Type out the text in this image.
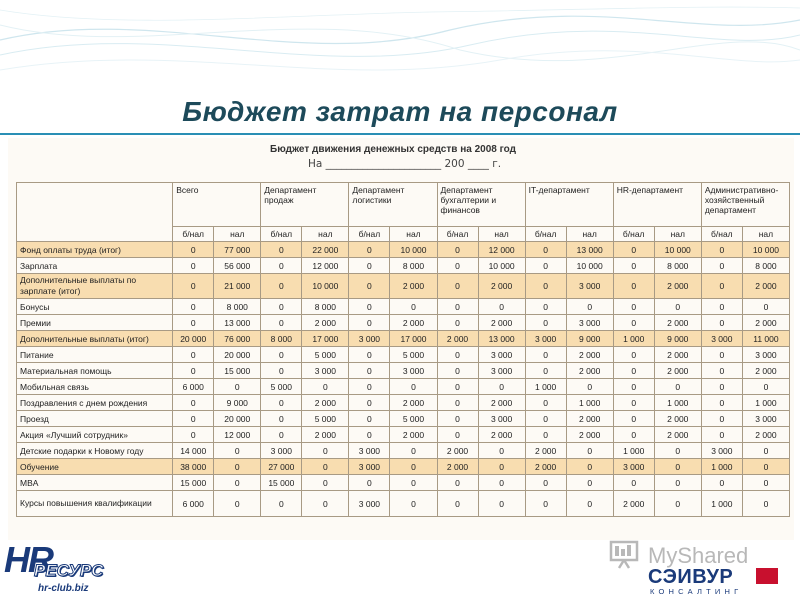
Бюджет затрат на персонал
Бюджет движения денежных средств на 2008 год
На ______________________ 200 ____ г.
	Всего		Департамент продаж		Департамент логистики		Департамент бухгалтерии и финансов		IT-департамент		HR-департамент		Административно-хозяйственный департамент	
	б/нал	нал	б/нал	нал	б/нал	нал	б/нал	нал	б/нал	нал	б/нал	нал	б/нал	нал
Фонд оплаты труда (итог)	0	77 000	0	22 000	0	10 000	0	12 000	0	13 000	0	10 000	0	10 000
Зарплата	0	56 000	0	12 000	0	8 000	0	10 000	0	10 000	0	8 000	0	8 000
Дополнительные выплаты по зарплате (итог)	0	21 000	0	10 000	0	2 000	0	2 000	0	3 000	0	2 000	0	2 000
Бонусы	0	8 000	0	8 000	0	0	0	0	0	0	0	0	0	0
Премии	0	13 000	0	2 000	0	2 000	0	2 000	0	3 000	0	2 000	0	2 000
Дополнительные выплаты (итог)	20 000	76 000	8 000	17 000	3 000	17 000	2 000	13 000	3 000	9 000	1 000	9 000	3 000	11 000
Питание	0	20 000	0	5 000	0	5 000	0	3 000	0	2 000	0	2 000	0	3 000
Материальная помощь	0	15 000	0	3 000	0	3 000	0	3 000	0	2 000	0	2 000	0	2 000
Мобильная связь	6 000	0	5 000	0	0	0	0	0	1 000	0	0	0	0	0
Поздравления с днем рождения	0	9 000	0	2 000	0	2 000	0	2 000	0	1 000	0	1 000	0	1 000
Проезд	0	20 000	0	5 000	0	5 000	0	3 000	0	2 000	0	2 000	0	3 000
Акция «Лучший сотрудник»	0	12 000	0	2 000	0	2 000	0	2 000	0	2 000	0	2 000	0	2 000
Детские подарки к Новому году	14 000	0	3 000	0	3 000	0	2 000	0	2 000	0	1 000	0	3 000	0
Обучение	38 000	0	27 000	0	3 000	0	2 000	0	2 000	0	3 000	0	1 000	0
MBA	15 000	0	15 000	0	0	0	0	0	0	0	0	0	0	0
Курсы повышения квалификации	6 000	0	0	0	3 000	0	0	0	0	0	2 000	0	1 000	0
HR
РЕСУРС
hr-club.biz
MyShared
СЭИВУР
КОНСАЛТИНГ
